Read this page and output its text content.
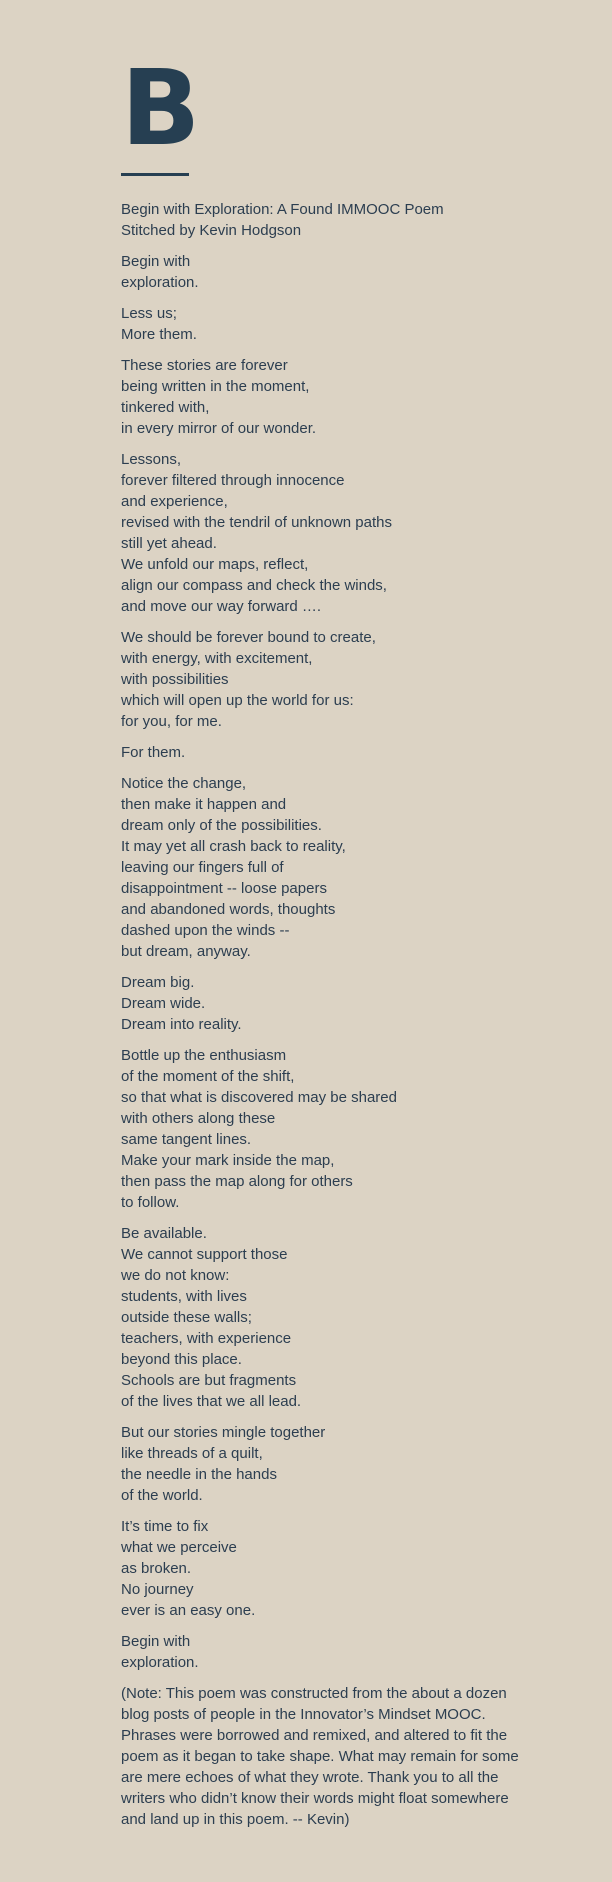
B
Begin with Exploration: A Found IMMOOC Poem
Stitched by Kevin Hodgson
Begin with
exploration.
Less us;
More them.
These stories are forever
being written in the moment,
tinkered with,
in every mirror of our wonder.
Lessons,
forever filtered through innocence
and experience,
revised with the tendril of unknown paths
still yet ahead.
We unfold our maps, reflect,
align our compass and check the winds,
and move our way forward ….
We should be forever bound to create,
with energy, with excitement,
with possibilities
which will open up the world for us:
for you, for me.
For them.
Notice the change,
then make it happen and
dream only of the possibilities.
It may yet all crash back to reality,
leaving our fingers full of
disappointment -- loose papers
and abandoned words, thoughts
dashed upon the winds --
but dream, anyway.
Dream big.
Dream wide.
Dream into reality.
Bottle up the enthusiasm
of the moment of the shift,
so that what is discovered may be shared
with others along these
same tangent lines.
Make your mark inside the map,
then pass the map along for others
to follow.
Be available.
We cannot support those
we do not know:
students, with lives
outside these walls;
teachers, with experience
beyond this place.
Schools are but fragments
of the lives that we all lead.
But our stories mingle together
like threads of a quilt,
the needle in the hands
of the world.
It’s time to fix
what we perceive
as broken.
No journey
ever is an easy one.
Begin with
exploration.

(Note: This poem was constructed from the about a dozen blog posts of people in the Innovator’s Mindset MOOC. Phrases were borrowed and remixed, and altered to fit the poem as it began to take shape. What may remain for some are mere echoes of what they wrote. Thank you to all the writers who didn’t know their words might float somewhere and land up in this poem. -- Kevin)
